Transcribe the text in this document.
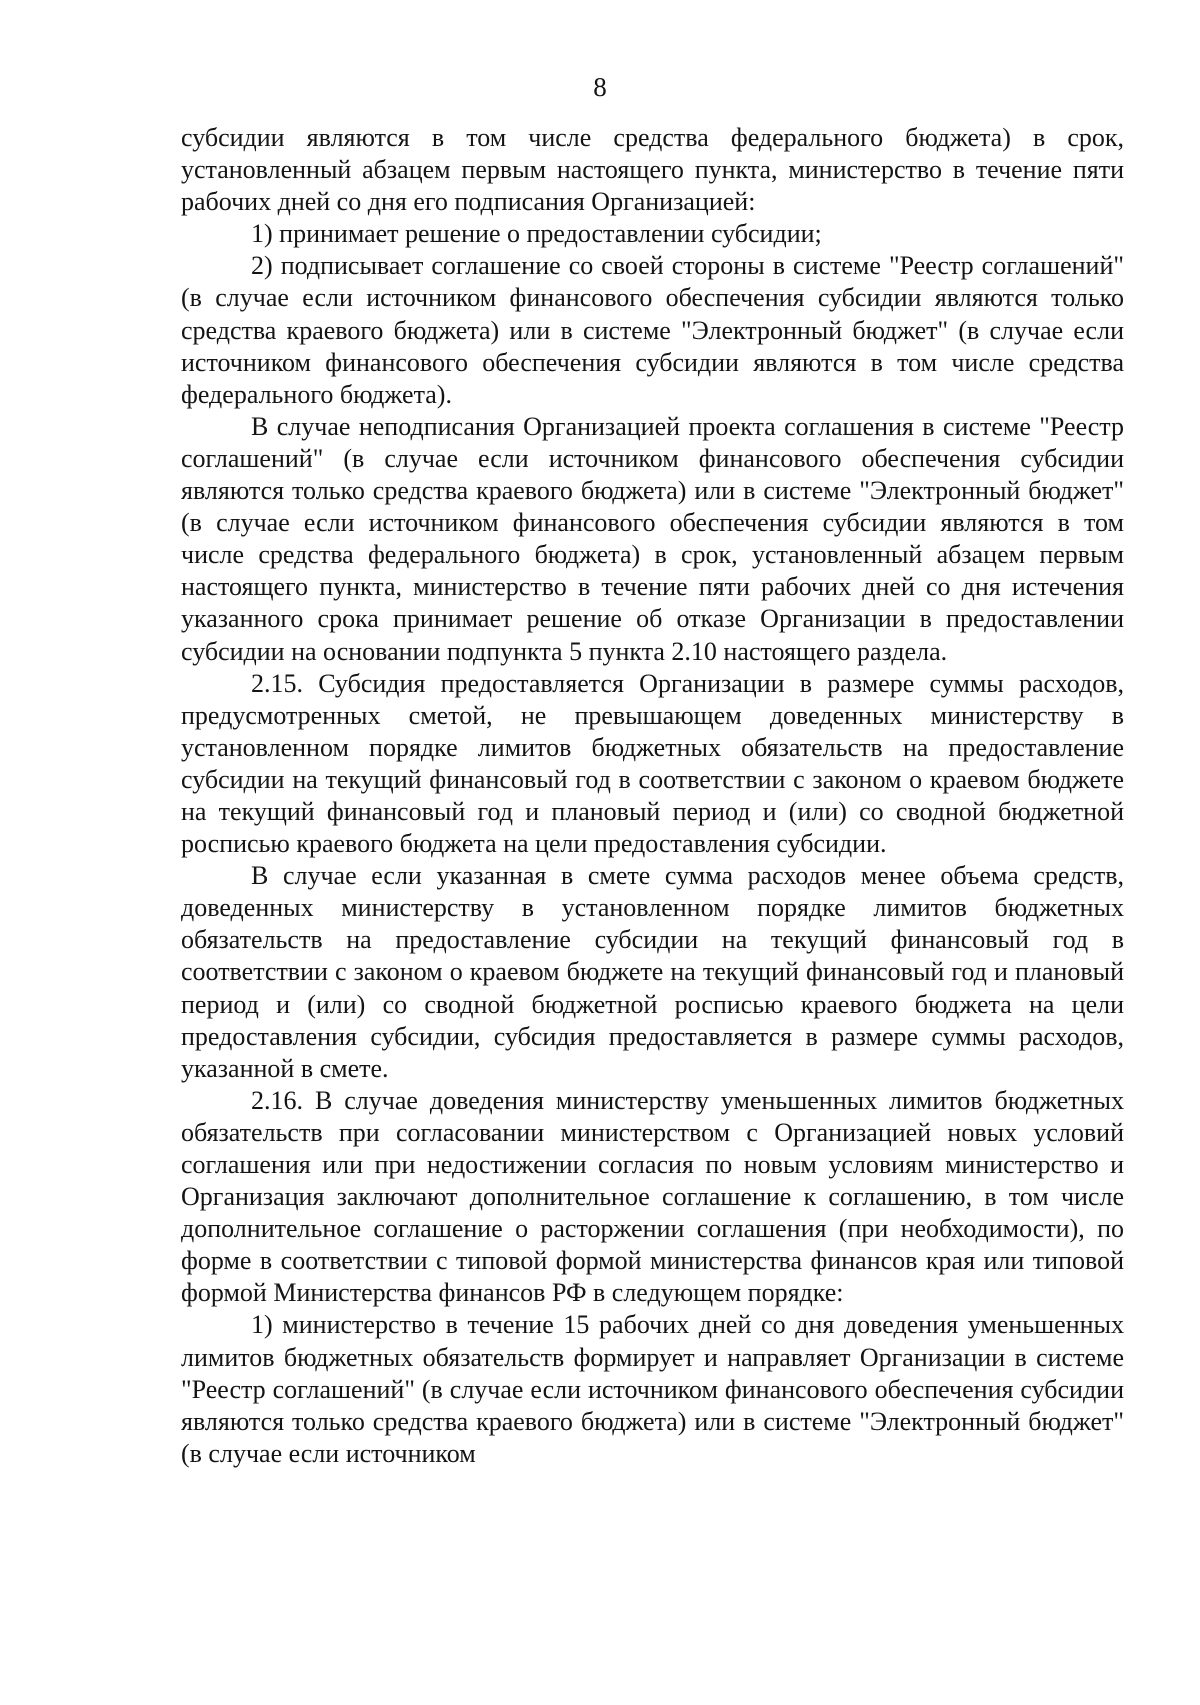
8

субсидии являются в том числе средства федерального бюджета) в срок, установленный абзацем первым настоящего пункта, министерство в течение пяти рабочих дней со дня его подписания Организацией:

1) принимает решение о предоставлении субсидии;

2) подписывает соглашение со своей стороны в системе "Реестр соглашений" (в случае если источником финансового обеспечения субсидии являются только средства краевого бюджета) или в системе "Электронный бюджет" (в случае если источником финансового обеспечения субсидии являются в том числе средства федерального бюджета).

В случае неподписания Организацией проекта соглашения в системе "Реестр соглашений" (в случае если источником финансового обеспечения субсидии являются только средства краевого бюджета) или в системе "Электронный бюджет" (в случае если источником финансового обеспечения субсидии являются в том числе средства федерального бюджета) в срок, установленный абзацем первым настоящего пункта, министерство в течение пяти рабочих дней со дня истечения указанного срока принимает решение об отказе Организации в предоставлении субсидии на основании подпункта 5 пункта 2.10 настоящего раздела.

2.15. Субсидия предоставляется Организации в размере суммы расходов, предусмотренных сметой, не превышающем доведенных министерству в установленном порядке лимитов бюджетных обязательств на предоставление субсидии на текущий финансовый год в соответствии с законом о краевом бюджете на текущий финансовый год и плановый период и (или) со сводной бюджетной росписью краевого бюджета на цели предоставления субсидии.

В случае если указанная в смете сумма расходов менее объема средств, доведенных министерству в установленном порядке лимитов бюджетных обязательств на предоставление субсидии на текущий финансовый год в соответствии с законом о краевом бюджете на текущий финансовый год и плановый период и (или) со сводной бюджетной росписью краевого бюджета на цели предоставления субсидии, субсидия предоставляется в размере суммы расходов, указанной в смете.

2.16. В случае доведения министерству уменьшенных лимитов бюджетных обязательств при согласовании министерством с Организацией новых условий соглашения или при недостижении согласия по новым условиям министерство и Организация заключают дополнительное соглашение к соглашению, в том числе дополнительное соглашение о расторжении соглашения (при необходимости), по форме в соответствии с типовой формой министерства финансов края или типовой формой Министерства финансов РФ в следующем порядке:

1) министерство в течение 15 рабочих дней со дня доведения уменьшенных лимитов бюджетных обязательств формирует и направляет Организации в системе "Реестр соглашений" (в случае если источником финансового обеспечения субсидии являются только средства краевого бюджета) или в системе "Электронный бюджет" (в случае если источником
